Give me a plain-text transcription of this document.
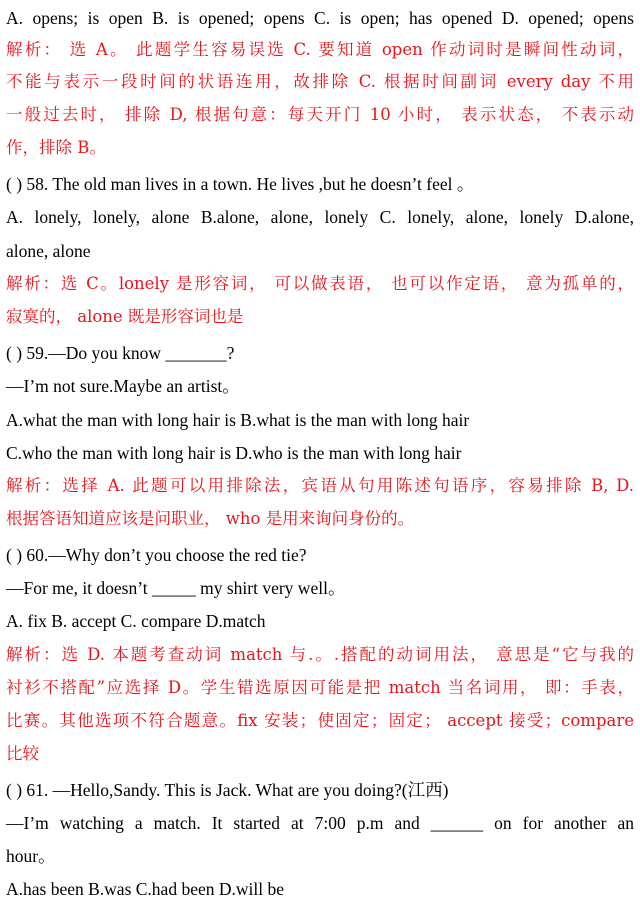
A. opens; is open B. is opened; opens C. is open; has opened D. opened; opens
解析： 选 A。 此题学生容易误选 C. 要知道 open 作动词时是瞬间性动词，
不能与表示一段时间的状语连用，故排除 C. 根据时间副词 every day 不用
一般过去时， 排除 D, 根据句意：每天开门 10 小时， 表示状态， 不表示动
作，排除 B。
( ) 58. The old man lives in a town. He lives ,but he doesn’t feel 。
A. lonely, lonely, alone B.alone, alone, lonely C. lonely, alone, lonely D.alone,
alone, alone
解析：选 C。lonely 是形容词， 可以做表语， 也可以作定语， 意为孤单的，
寂寞的， alone 既是形容词也是
( ) 59.—Do you know _______?
—I’m not sure.Maybe an artist。
A.what the man with long hair is B.what is the man with long hair
C.who the man with long hair is D.who is the man with long hair
解析：选择 A. 此题可以用排除法，宾语从句用陈述句语序，容易排除 B, D.
根据答语知道应该是问职业， who 是用来询问身份的。
( ) 60.—Why don’t you choose the red tie?
—For me, it doesn’t _____ my shirt very well。
A. fix B. accept C. compare D.match
解析：选 D. 本题考查动词 match 与.。.搭配的动词用法， 意思是“它与我的
衬衫不搭配”应选择 D。学生错选原因可能是把 match 当名词用， 即：手表，
比赛。其他选项不符合题意。fix 安装；使固定；固定； accept 接受；compare
比较
( ) 61. —Hello,Sandy. This is Jack. What are you doing?(江西)
—I’m watching a match. It started at 7:00 p.m and ______ on for another an
hour。
A.has been B.was C.had been D.will be
